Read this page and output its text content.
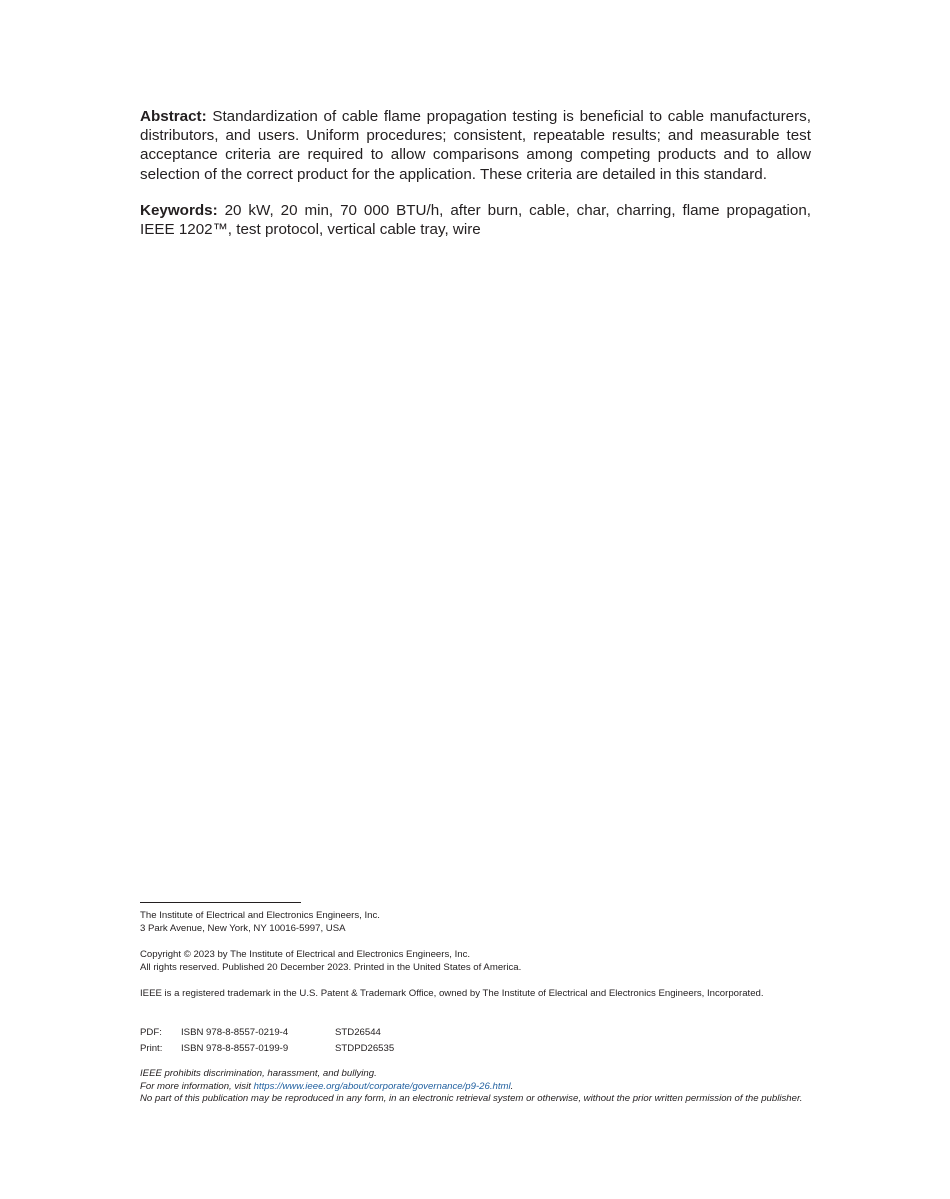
Abstract: Standardization of cable flame propagation testing is beneficial to cable manufacturers, distributors, and users. Uniform procedures; consistent, repeatable results; and measurable test acceptance criteria are required to allow comparisons among competing products and to allow selection of the correct product for the application. These criteria are detailed in this standard.

Keywords: 20 kW, 20 min, 70 000 BTU/h, after burn, cable, char, charring, flame propagation, IEEE 1202™, test protocol, vertical cable tray, wire

The Institute of Electrical and Electronics Engineers, Inc.

3 Park Avenue, New York, NY 10016-5997, USA

Copyright © 2023 by The Institute of Electrical and Electronics Engineers, Inc.

All rights reserved. Published 20 December 2023. Printed in the United States of America.

IEEE is a registered trademark in the U.S. Patent & Trademark Office, owned by The Institute of Electrical and Electronics Engineers, Incorporated.

PDF:	ISBN 978-8-8557-0219-4	STD26544
Print:	ISBN 978-8-8557-0199-9	STDPD26535

IEEE prohibits discrimination, harassment, and bullying.

For more information, visit https://www.ieee.org/about/corporate/governance/p9-26.html.

No part of this publication may be reproduced in any form, in an electronic retrieval system or otherwise, without the prior written permission of the publisher.
